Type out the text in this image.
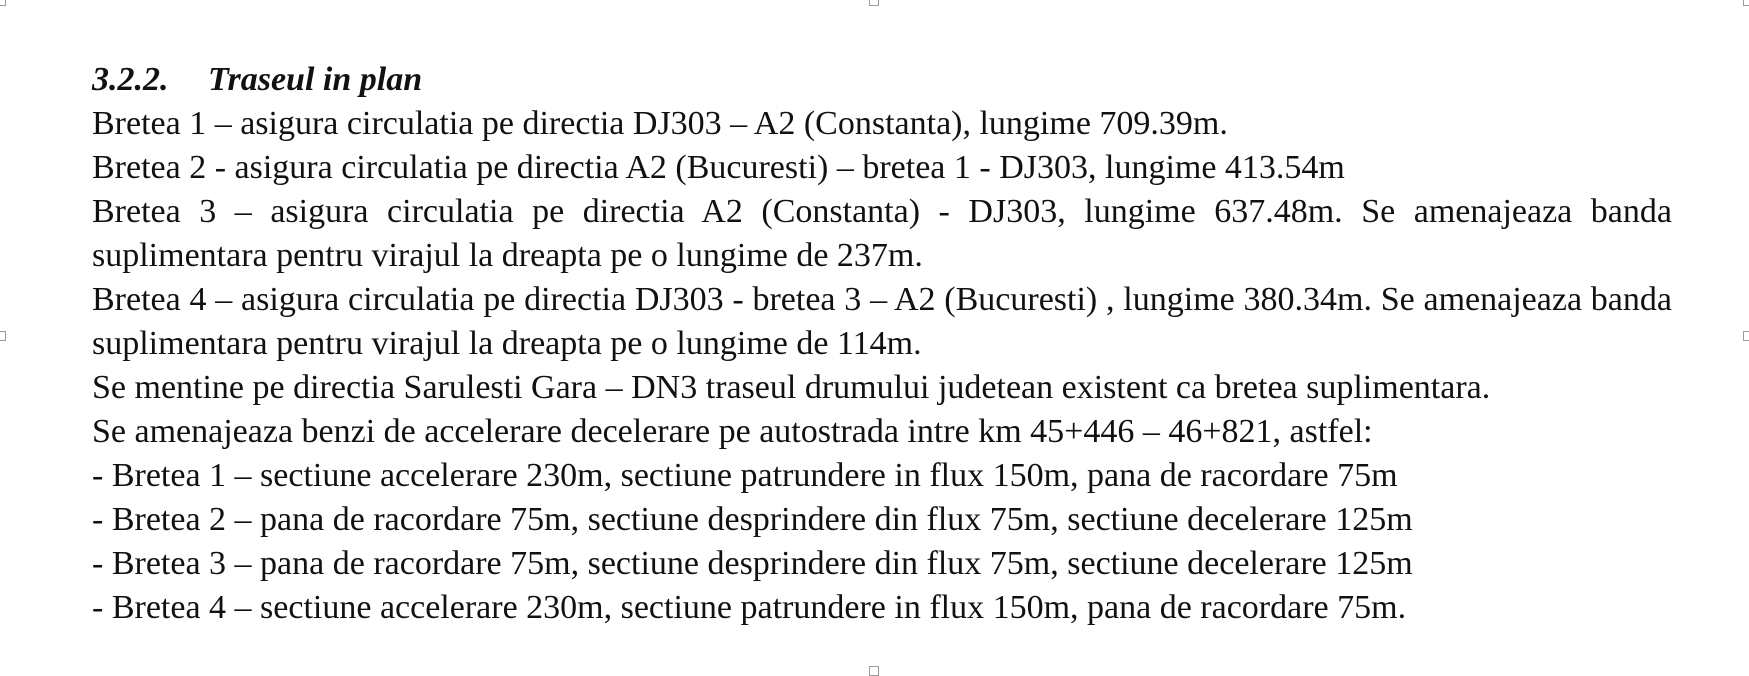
3.2.2. Traseul in plan

Bretea 1 – asigura circulatia pe directia DJ303 – A2 (Constanta), lungime 709.39m.

Bretea 2 - asigura circulatia pe directia A2 (Bucuresti) – bretea 1 - DJ303, lungime 413.54m

Bretea 3 – asigura circulatia pe directia A2 (Constanta) - DJ303, lungime 637.48m. Se amenajeaza banda suplimentara pentru virajul la dreapta pe o lungime de 237m.

Bretea 4 – asigura circulatia pe directia DJ303 - bretea 3 – A2 (Bucuresti) , lungime 380.34m. Se amenajeaza banda suplimentara pentru virajul la dreapta pe o lungime de 114m.

Se mentine pe directia Sarulesti Gara – DN3 traseul drumului judetean existent ca bretea suplimentara.

Se amenajeaza benzi de accelerare decelerare pe autostrada intre km 45+446 – 46+821, astfel:

- Bretea 1 – sectiune accelerare 230m, sectiune patrundere in flux 150m, pana de racordare 75m
- Bretea 2 – pana de racordare 75m, sectiune desprindere din flux 75m, sectiune decelerare 125m
- Bretea 3 – pana de racordare 75m, sectiune desprindere din flux 75m, sectiune decelerare 125m
- Bretea 4 – sectiune accelerare 230m, sectiune patrundere in flux 150m, pana de racordare 75m.
